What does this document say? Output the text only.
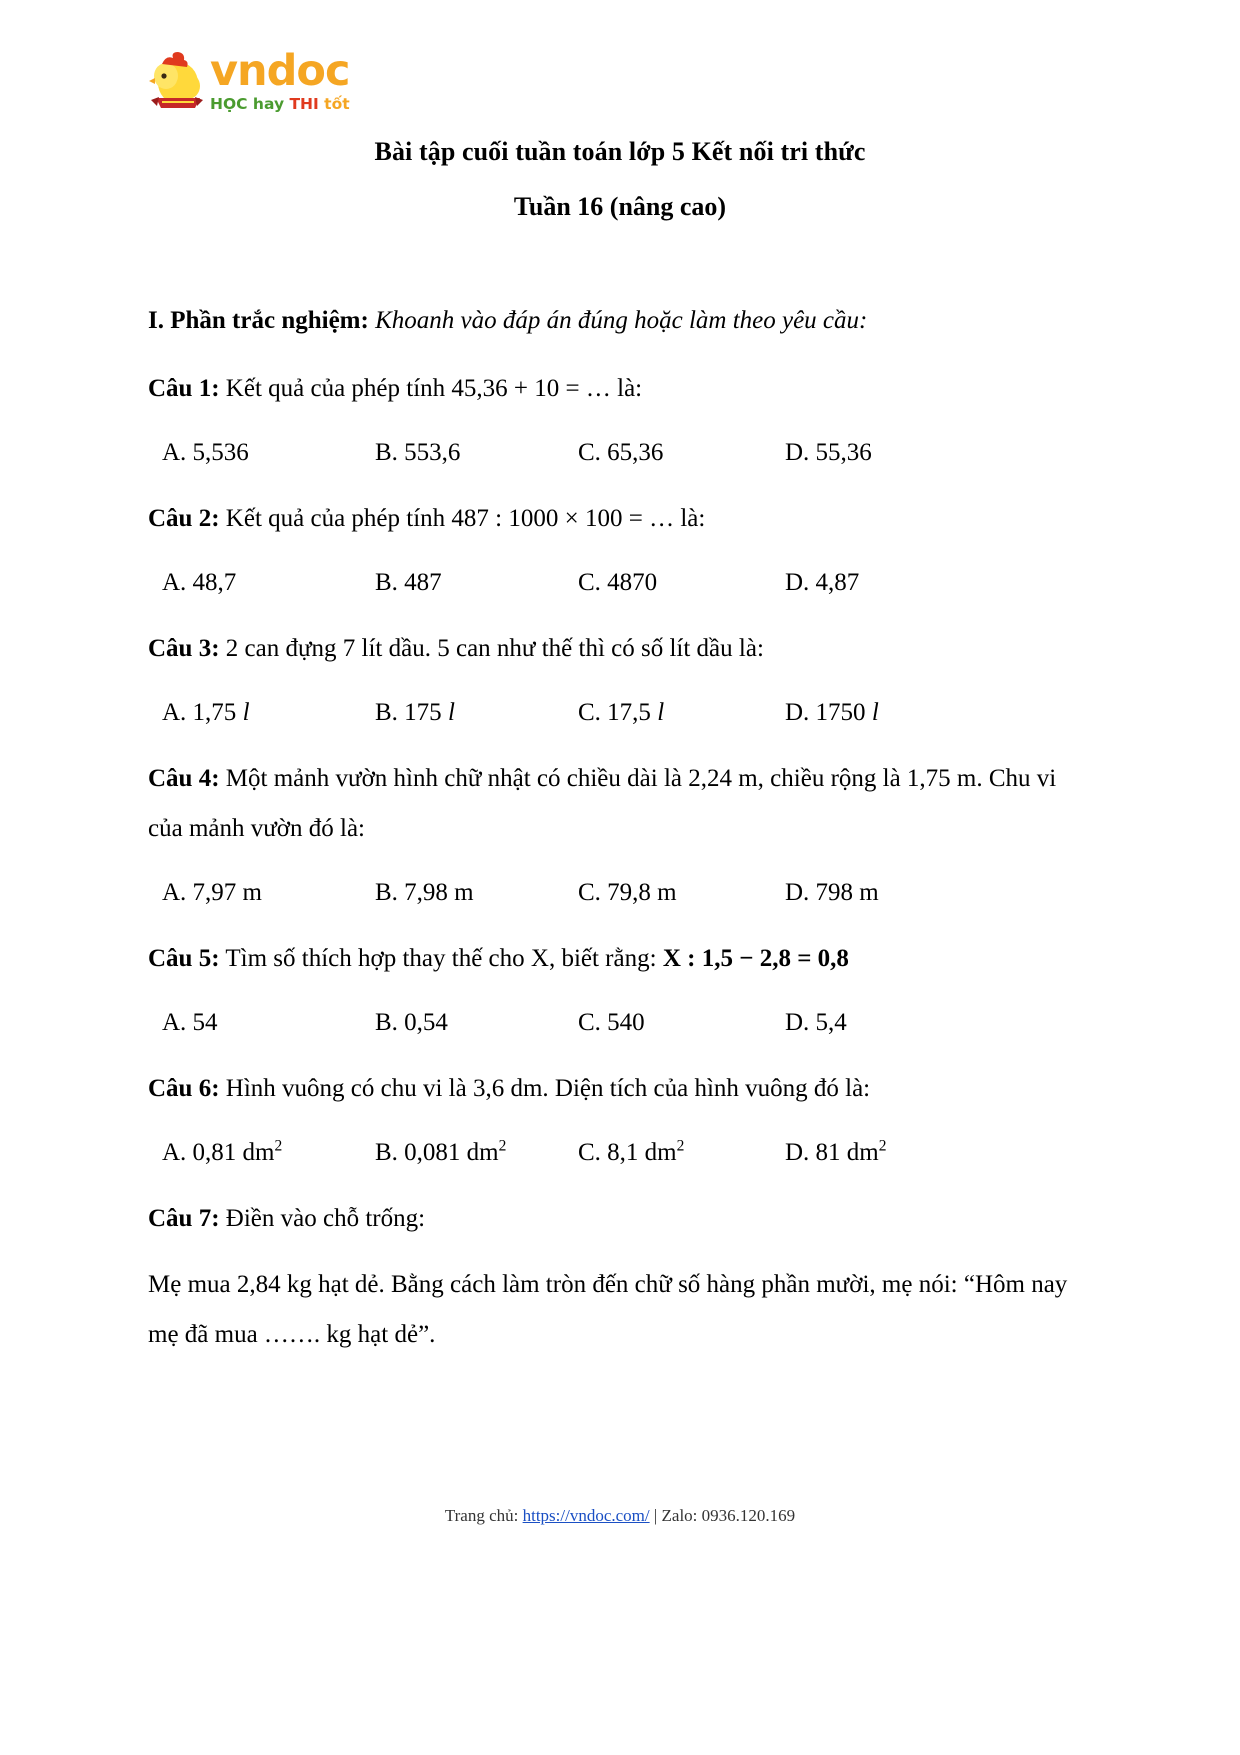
vndoc
HỌC hay THI tốt
Bài tập cuối tuần toán lớp 5 Kết nối tri thức
Tuần 16 (nâng cao)

I. Phần trắc nghiệm: Khoanh vào đáp án đúng hoặc làm theo yêu cầu:

Câu 1: Kết quả của phép tính 45,36 + 10 = … là:

A. 5,536	B. 553,6	C. 65,36	D. 55,36

Câu 2: Kết quả của phép tính 487 : 1000 × 100 = … là:

A. 48,7	B. 487	C. 4870	D. 4,87

Câu 3: 2 can đựng 7 lít dầu. 5 can như thế thì có số lít dầu là:

A. 1,75 l	B. 175 l	C. 17,5 l	D. 1750 l

Câu 4: Một mảnh vườn hình chữ nhật có chiều dài là 2,24 m, chiều rộng là 1,75 m. Chu vi của mảnh vườn đó là:

A. 7,97 m	B. 7,98 m	C. 79,8 m	D. 798 m

Câu 5: Tìm số thích hợp thay thế cho X, biết rằng: X : 1,5 − 2,8 = 0,8

A. 54	B. 0,54	C. 540	D. 5,4

Câu 6: Hình vuông có chu vi là 3,6 dm. Diện tích của hình vuông đó là:

A. 0,81 $dm^2$	B. 0,081 $dm^2$	C. 8,1 $dm^2$	D. 81 $dm^2$

Câu 7: Điền vào chỗ trống:

Mẹ mua 2,84 kg hạt dẻ. Bằng cách làm tròn đến chữ số hàng phần mười, mẹ nói: “Hôm nay mẹ đã mua ……. kg hạt dẻ”.

Trang chủ: https://vndoc.com/ | Zalo: 0936.120.169
